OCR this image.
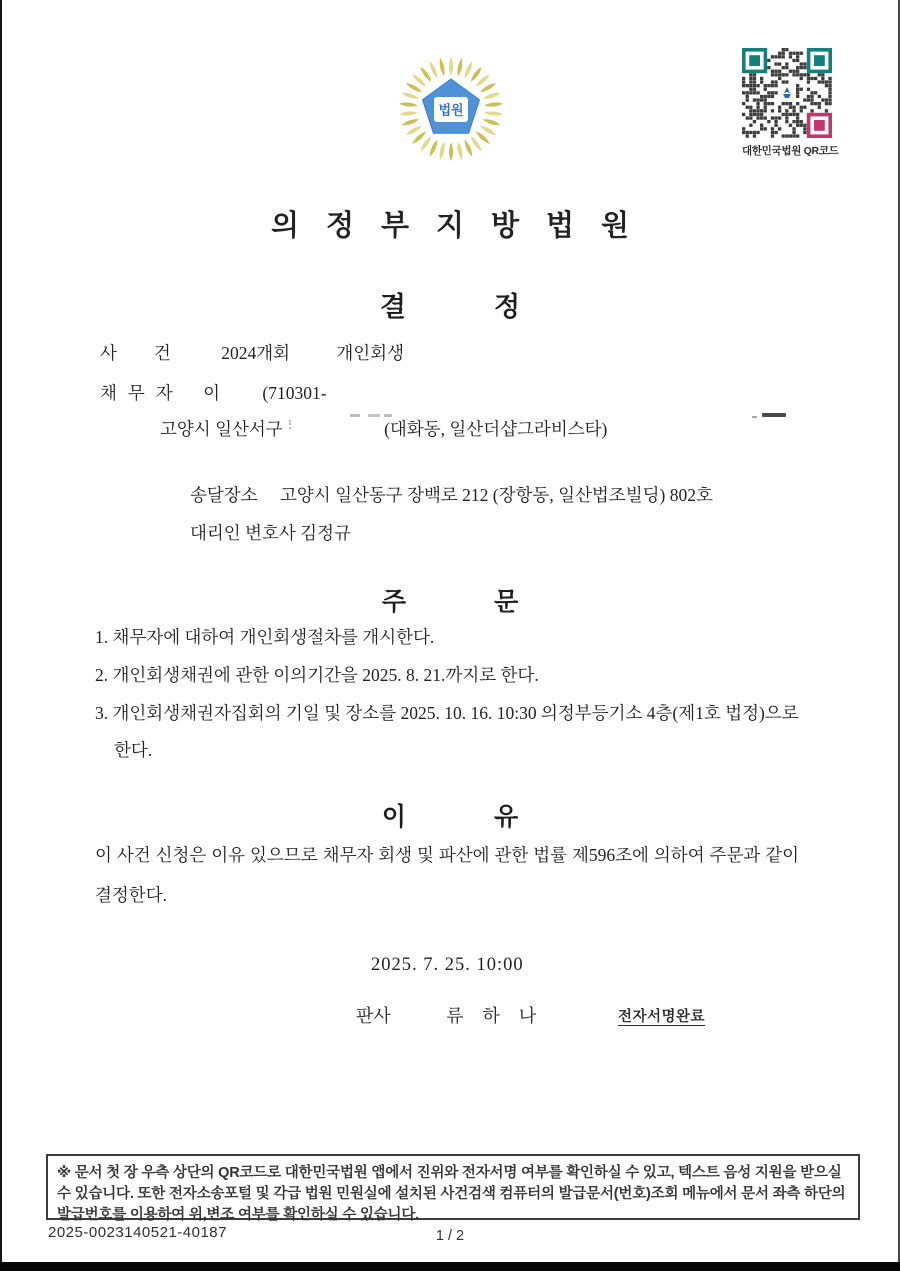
법원
대한민국법원 QR코드
의정부지방법원
결정
사건 2024개회	개인회생
채무자 이 (710301-
고양시 일산서구	(대화동, 일산더샵그라비스타)
송달장소 고양시 일산동구 장백로 212 (장항동, 일산법조빌딩) 802호
대리인 변호사 김정규
주문
1. 채무자에 대하여 개인회생절차를 개시한다.
2. 개인회생채권에 관한 이의기간을 2025. 8. 21.까지로 한다.
3. 개인회생채권자집회의 기일 및 장소를 2025. 10. 16. 10:30 의정부등기소 4층(제1호 법정)으로 한다.
이유
이 사건 신청은 이유 있으므로 채무자 회생 및 파산에 관한 법률 제596조에 의하여 주문과 같이 결정한다.
2025. 7. 25. 10:00
판사	류하나	전자서명완료
※ 문서 첫 장 우측 상단의 QR코드로 대한민국법원 앱에서 진위와 전자서명 여부를 확인하실 수 있고, 텍스트 음성 지원을 받으실 수 있습니다. 또한 전자소송포털 및 각급 법원 민원실에 설치된 사건검색 컴퓨터의 발급문서(번호)조회 메뉴에서 문서 좌측 하단의 발급번호를 이용하여 위,변조 여부를 확인하실 수 있습니다.
2025-0023140521-40187	1 / 2
